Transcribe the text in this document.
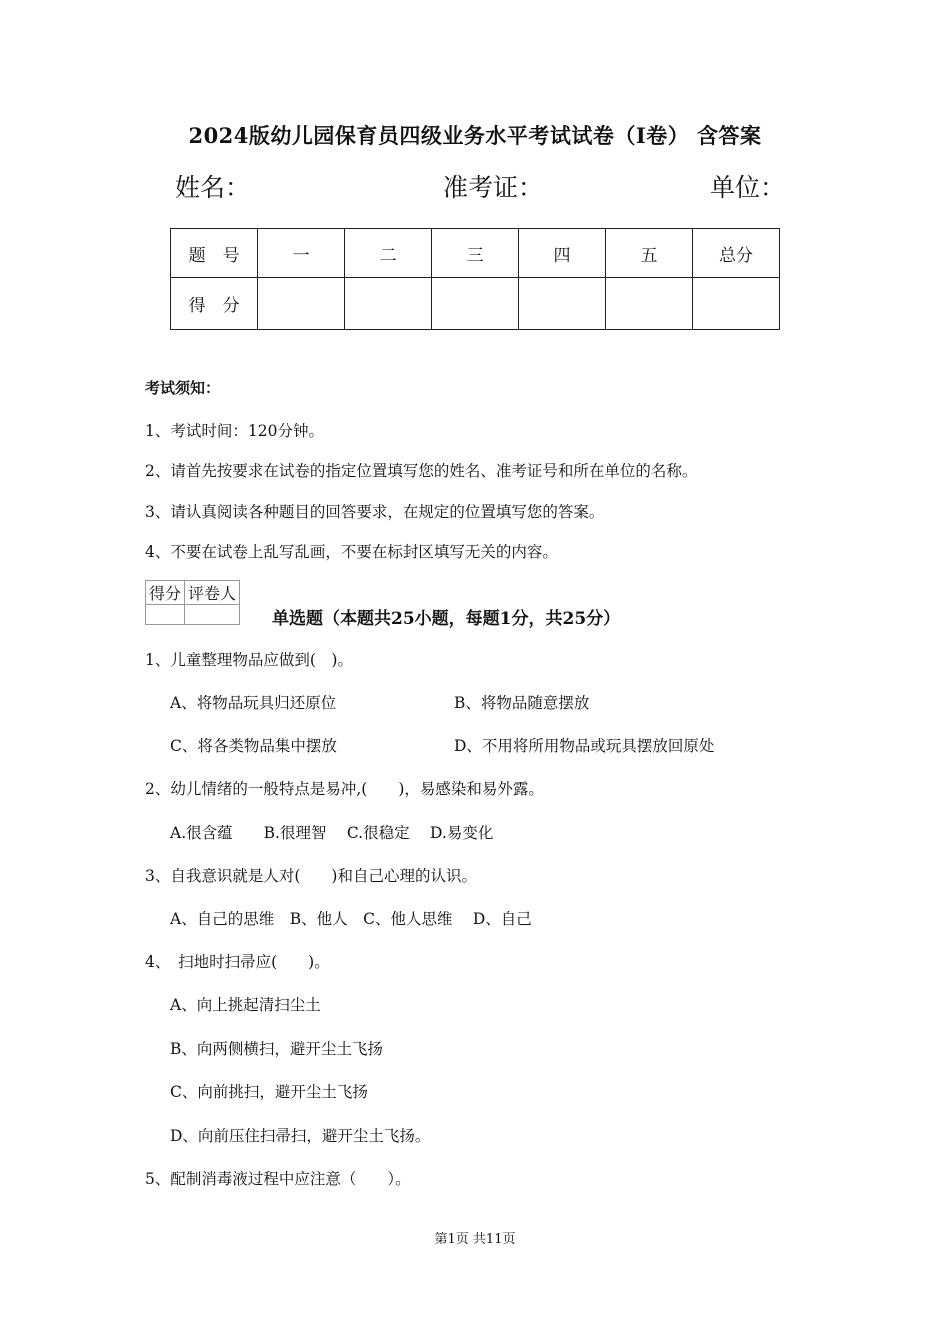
2024版幼儿园保育员四级业务水平考试试卷（I卷） 含答案
姓名：	准考证：	单位：
题　号	一	二	三	四	五	总分
得　分						
考试须知：
1、考试时间：120分钟。
2、请首先按要求在试卷的指定位置填写您的姓名、准考证号和所在单位的名称。
3、请认真阅读各种题目的回答要求，在规定的位置填写您的答案。
4、不要在试卷上乱写乱画，不要在标封区填写无关的内容。
得分	评卷人

单选题（本题共25小题，每题1分，共25分）
1、儿童整理物品应做到(　)。
A、将物品玩具归还原位	B、将物品随意摆放
C、将各类物品集中摆放	D、不用将所用物品或玩具摆放回原处
2、幼儿情绪的一般特点是易冲,(　　)，易感染和易外露。
A.很含蕴　　B.很理智　 C.很稳定　 D.易变化
3、自我意识就是人对(　　)和自己心理的认识。
A、自己的思维　B、他人　C、他人思维　 D、自己
4、　扫地时扫帚应(　　)。
A、向上挑起清扫尘土
B、向两侧横扫，避开尘土飞扬
C、向前挑扫，避开尘土飞扬
D、向前压住扫帚扫，避开尘土飞扬。
5、配制消毒液过程中应注意（　　）。
第1页 共11页
